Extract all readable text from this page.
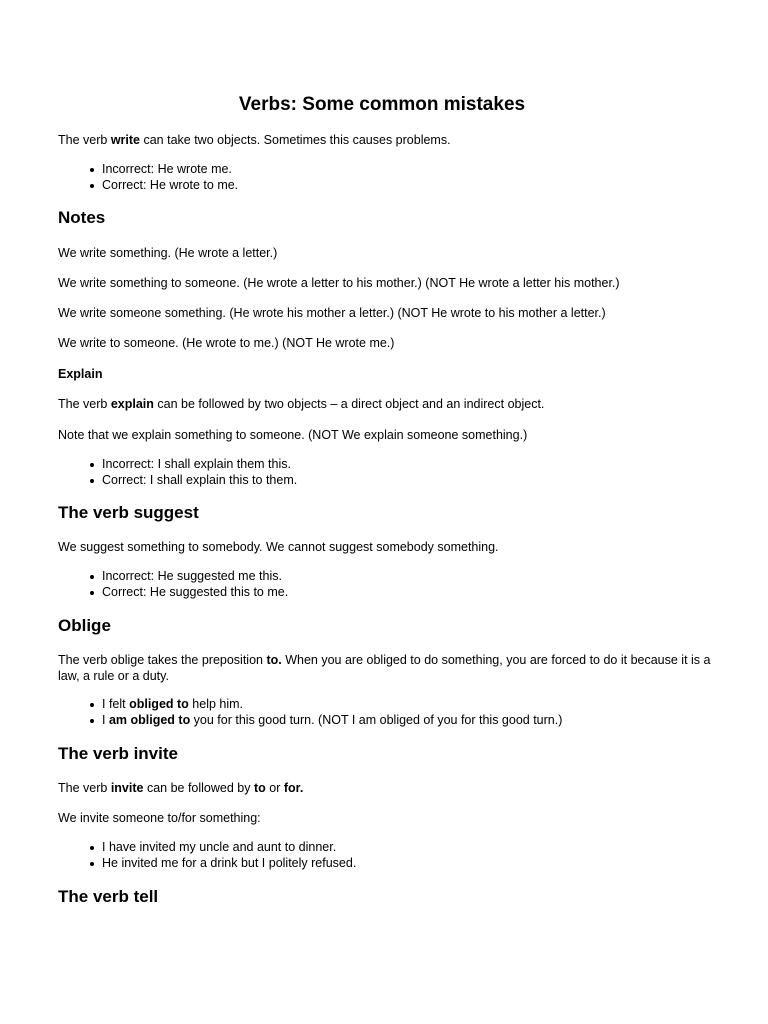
Verbs: Some common mistakes
The verb write can take two objects. Sometimes this causes problems.
Incorrect: He wrote me.
Correct: He wrote to me.
Notes
We write something. (He wrote a letter.)
We write something to someone. (He wrote a letter to his mother.) (NOT He wrote a letter his mother.)
We write someone something. (He wrote his mother a letter.) (NOT He wrote to his mother a letter.)
We write to someone. (He wrote to me.) (NOT He wrote me.)
Explain
The verb explain can be followed by two objects – a direct object and an indirect object.
Note that we explain something to someone. (NOT We explain someone something.)
Incorrect: I shall explain them this.
Correct: I shall explain this to them.
The verb suggest
We suggest something to somebody. We cannot suggest somebody something.
Incorrect: He suggested me this.
Correct: He suggested this to me.
Oblige
The verb oblige takes the preposition to. When you are obliged to do something, you are forced to do it because it is a law, a rule or a duty.
I felt obliged to help him.
I am obliged to you for this good turn. (NOT I am obliged of you for this good turn.)
The verb invite
The verb invite can be followed by to or for.
We invite someone to/for something:
I have invited my uncle and aunt to dinner.
He invited me for a drink but I politely refused.
The verb tell
